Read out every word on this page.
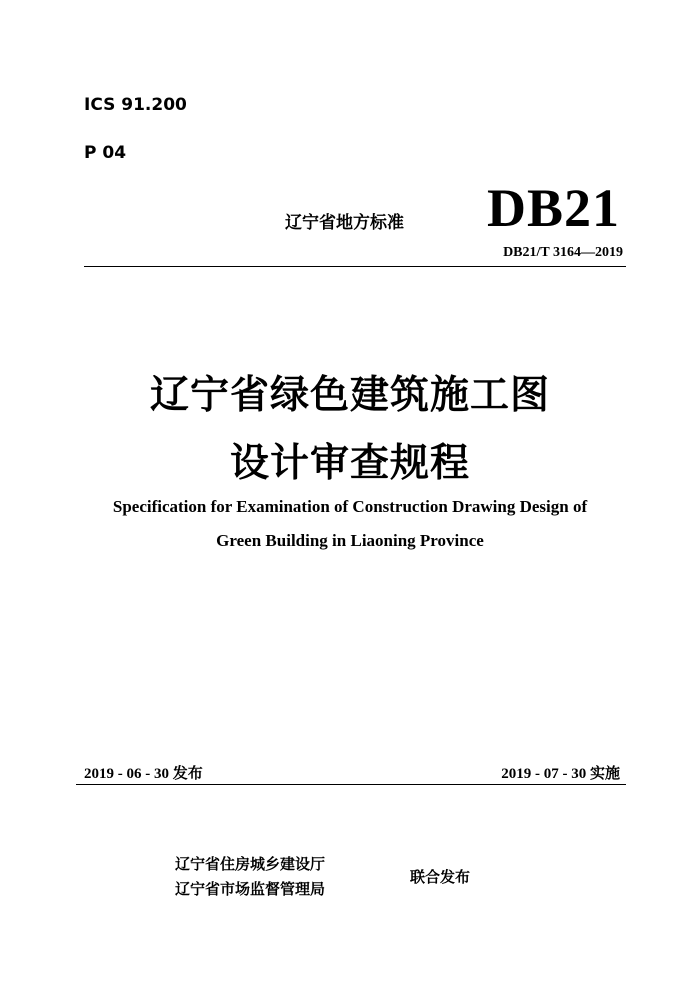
ICS 91.200
P 04
辽宁省地方标准 DB21
DB21/T 3164—2019
辽宁省绿色建筑施工图
设计审查规程
Specification for Examination of Construction Drawing Design of
Green Building in Liaoning Province
2019 - 06 - 30 发布	2019 - 07 - 30 实施
辽宁省住房城乡建设厅
辽宁省市场监督管理局
联合发布
